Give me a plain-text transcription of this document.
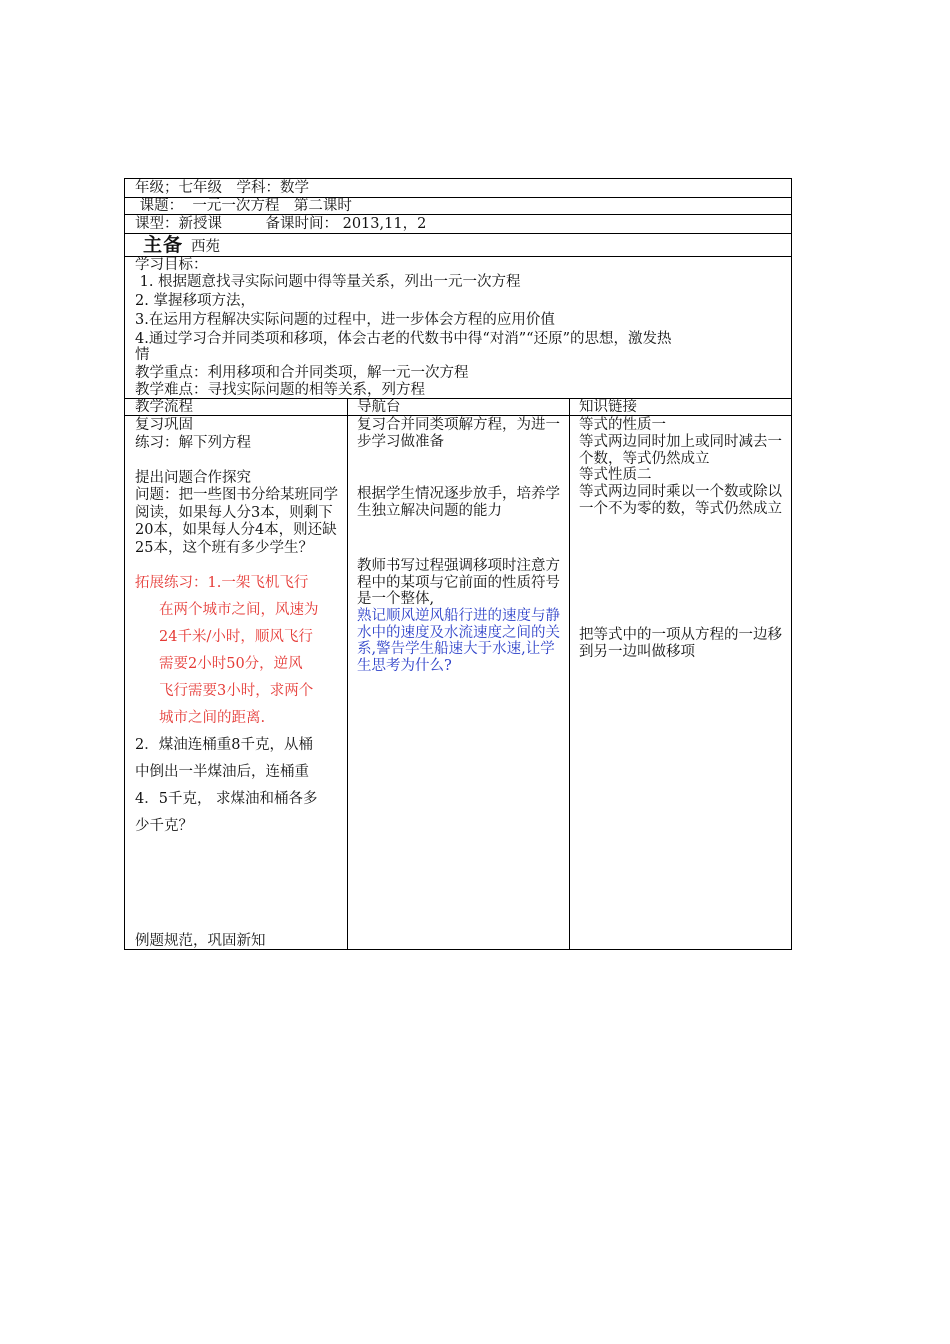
年级；七年级　学科：数学
课题：  一元一次方程　第二课时
课型：新授课　　　备课时间： 2013,11，2
主备 西苑
学习目标：
1. 根据题意找寻实际问题中得等量关系，列出一元一次方程
2. 掌握移项方法，
3.在运用方程解决实际问题的过程中，进一步体会方程的应用价值
4.通过学习合并同类项和移项，体会古老的代数书中得“对消”“还原”的思想，激发热
情
教学重点：利用移项和合并同类项，解一元一次方程
教学难点：寻找实际问题的相等关系，列方程
教学流程	导航台	知识链接
复习巩固
练习：解下列方程
提出问题合作探究
问题：把一些图书分给某班同学阅读，如果每人分3本，则剩下20本，如果每人分4本，则还缺25本，这个班有多少学生？
拓展练习：1.一架飞机飞行
在两个城市之间，风速为
24千米/小时，顺风飞行
需要2小时50分，逆风
飞行需要3小时，求两个
城市之间的距离.
2．煤油连桶重8千克，从桶
中倒出一半煤油后，连桶重
4．5千克， 求煤油和桶各多
少千克？
例题规范，巩固新知
复习合并同类项解方程，为进一步学习做准备
根据学生情况逐步放手，培养学生独立解决问题的能力
教师书写过程强调移项时注意方程中的某项与它前面的性质符号是一个整体,
熟记顺风逆风船行进的速度与静水中的速度及水流速度之间的关系,警告学生船速大于水速,让学生思考为什么?
等式的性质一
等式两边同时加上或同时减去一个数，等式仍然成立
等式性质二
等式两边同时乘以一个数或除以一个不为零的数，等式仍然成立
把等式中的一项从方程的一边移到另一边叫做移项
